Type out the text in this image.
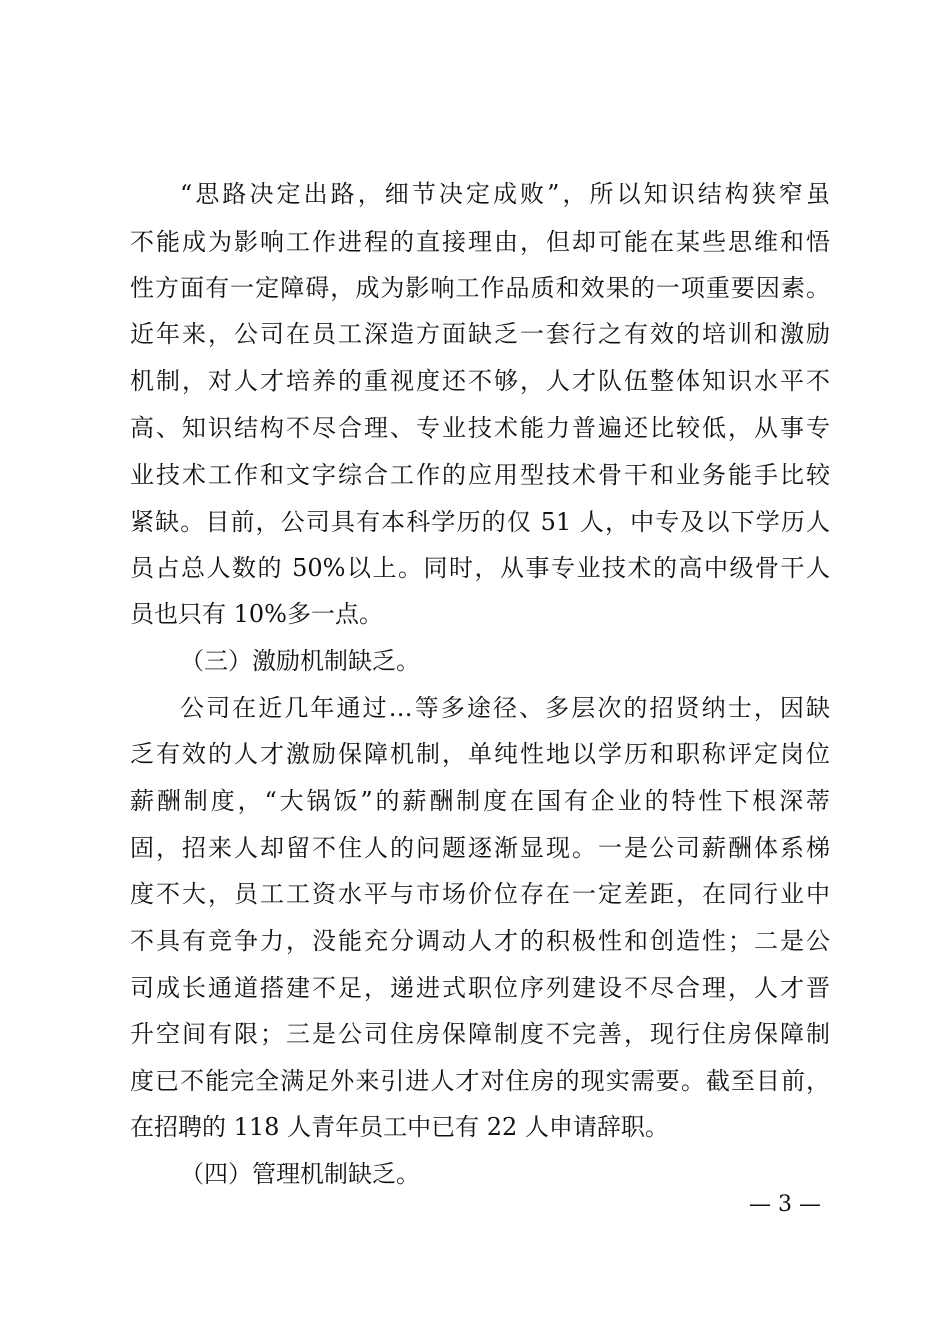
“思路决定出路，细节决定成败”，所以知识结构狭窄虽
不能成为影响工作进程的直接理由，但却可能在某些思维和悟
性方面有一定障碍，成为影响工作品质和效果的一项重要因素。
近年来，公司在员工深造方面缺乏一套行之有效的培训和激励
机制，对人才培养的重视度还不够，人才队伍整体知识水平不
高、知识结构不尽合理、专业技术能力普遍还比较低，从事专
业技术工作和文字综合工作的应用型技术骨干和业务能手比较
紧缺。目前，公司具有本科学历的仅 51 人，中专及以下学历人
员占总人数的 50%以上。同时，从事专业技术的高中级骨干人
员也只有 10%多一点。
（三）激励机制缺乏。
公司在近几年通过…等多途径、多层次的招贤纳士，因缺
乏有效的人才激励保障机制，单纯性地以学历和职称评定岗位
薪酬制度，“大锅饭”的薪酬制度在国有企业的特性下根深蒂
固，招来人却留不住人的问题逐渐显现。一是公司薪酬体系梯
度不大，员工工资水平与市场价位存在一定差距，在同行业中
不具有竞争力，没能充分调动人才的积极性和创造性；二是公
司成长通道搭建不足，递进式职位序列建设不尽合理，人才晋
升空间有限；三是公司住房保障制度不完善，现行住房保障制
度已不能完全满足外来引进人才对住房的现实需要。截至目前，
在招聘的 118 人青年员工中已有 22 人申请辞职。
（四）管理机制缺乏。
— 3 —
